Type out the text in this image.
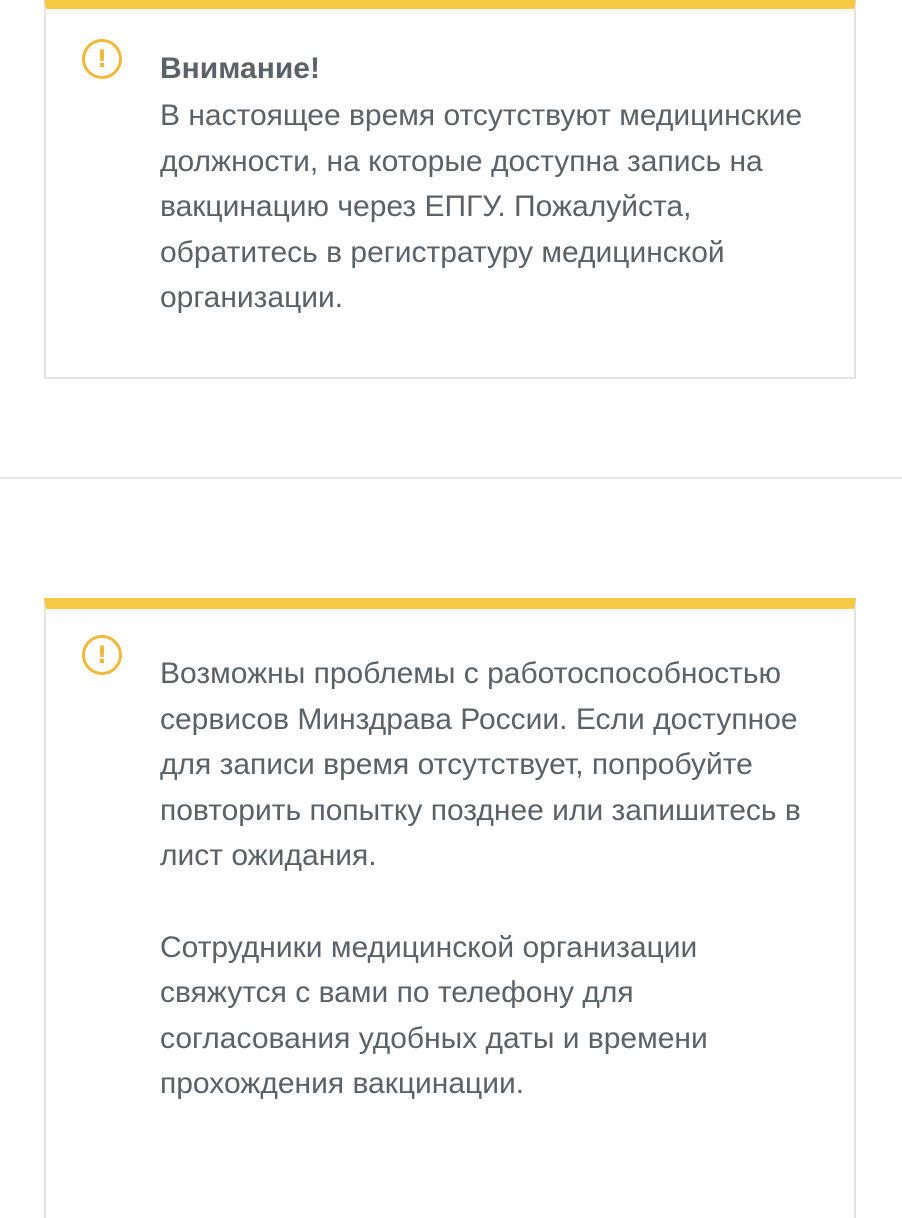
!	Внимание!

В настоящее время отсутствуют медицинские должности, на которые доступна запись на вакцинацию через ЕПГУ. Пожалуйста, обратитесь в регистратуру медицинской организации.

!

Возможны проблемы с работоспособностью сервисов Минздрава России. Если доступное для записи время отсутствует, попробуйте повторить попытку позднее или запишитесь в лист ожидания.

Сотрудники медицинской организации свяжутся с вами по телефону для согласования удобных даты и времени прохождения вакцинации.
